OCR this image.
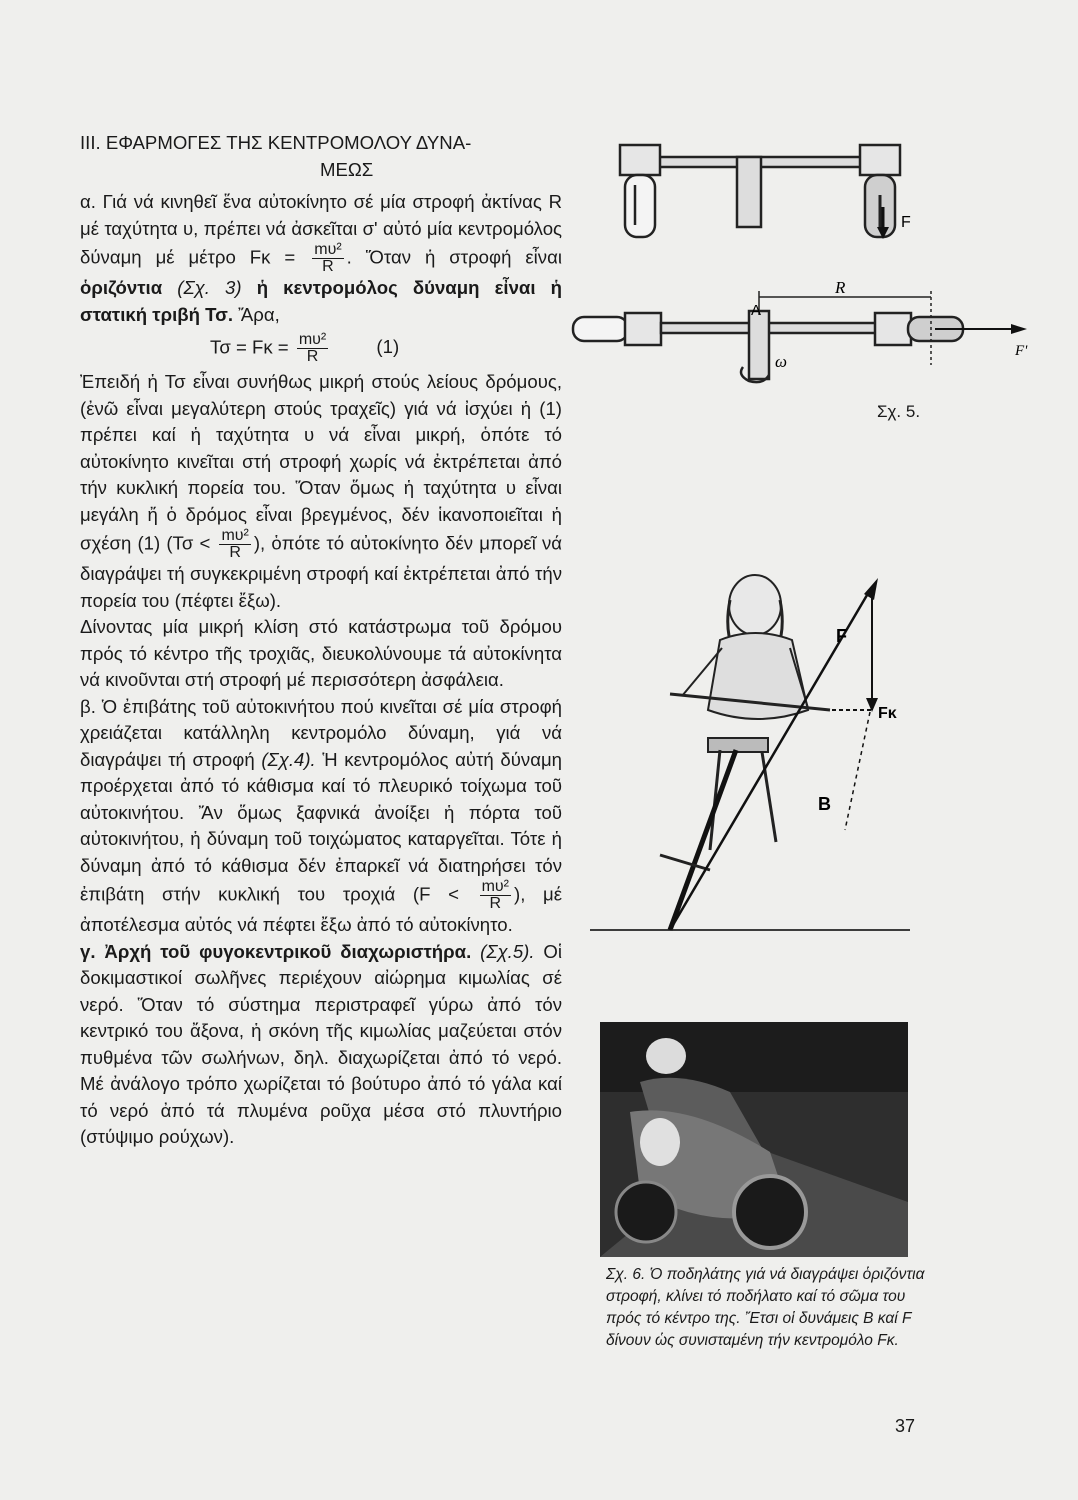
ΙΙΙ. ΕΦΑΡΜΟΓΕΣ ΤΗΣ ΚΕΝΤΡΟΜΟΛΟΥ ΔΥΝΑ-
ΜΕΩΣ

α. Γιά νά κινηθεῖ ἕνα αὐτοκίνητο σέ μία στροφή ἀκτίνας R μέ ταχύτητα υ, πρέπει νά ἀσκεῖται σ' αὐτό μία κεντρομόλος δύναμη μέ μέτρο $F\kappa = \frac{\text{mυ²}}{R}$ . Ὅταν ἡ στροφή εἶναι ὁριζόντια (Σχ. 3) ἡ κεντρομόλος δύναμη εἶναι ἡ στατική τριβή Τσ. Ἄρα,

$T\sigma = F\kappa = \frac{\text{mυ²}}{R}$	(1)

Ἐπειδή ἡ Τσ εἶναι συνήθως μικρή στούς λείους δρόμους, (ἐνῶ εἶναι μεγαλύτερη στούς τραχεῖς) γιά νά ἰσχύει ἡ (1) πρέπει καί ἡ ταχύτητα υ νά εἶναι μικρή, ὁπότε τό αὐτοκίνητο κινεῖται στή στροφή χωρίς νά ἐκτρέπεται ἀπό τήν κυκλική πορεία του. Ὅταν ὅμως ἡ ταχύτητα υ εἶναι μεγάλη ἤ ὁ δρόμος εἶναι βρεγμένος, δέν ἱκανοποιεῖται ἡ σχέση (1) ($T\sigma < \frac{\text{mυ²}}{R}$ ), ὁπότε τό αὐτοκίνητο δέν μπορεῖ νά διαγράψει τή συγκεκριμένη στροφή καί ἐκτρέπεται ἀπό τήν πορεία του (πέφτει ἔξω).

Δίνοντας μία μικρή κλίση στό κατάστρωμα τοῦ δρόμου πρός τό κέντρο τῆς τροχιᾶς, διευκολύνουμε τά αὐτοκίνητα νά κινοῦνται στή στροφή μέ περισσότερη ἀσφάλεια.

β. Ὁ ἐπιβάτης τοῦ αὐτοκινήτου πού κινεῖται σέ μία στροφή χρειάζεται κατάλληλη κεντρομόλο δύναμη, γιά νά διαγράψει τή στροφή (Σχ.4). Ἡ κεντρομόλος αὐτή δύναμη προέρχεται ἀπό τό κάθισμα καί τό πλευρικό τοίχωμα τοῦ αὐτοκινήτου. Ἄν ὅμως ξαφνικά ἀνοίξει ἡ πόρτα τοῦ αὐτοκινήτου, ἡ δύναμη τοῦ τοιχώματος καταργεῖται. Τότε ἡ δύναμη ἀπό τό κάθισμα δέν ἐπαρκεῖ νά διατηρήσει τόν ἐπιβάτη στήν κυκλική του τροχιά ($F < \frac{\text{mυ²}}{R}$ ), μέ ἀποτέλεσμα αὐτός νά πέφτει ἔξω ἀπό τό αὐτοκίνητο.

γ. Ἀρχή τοῦ φυγοκεντρικοῦ διαχωριστήρα. (Σχ.5). Οἱ δοκιμαστικοί σωλῆνες περιέχουν αἰώρημα κιμωλίας σέ νερό. Ὅταν τό σύστημα περιστραφεῖ γύρω ἀπό τόν κεντρικό του ἄξονα, ἡ σκόνη τῆς κιμωλίας μαζεύεται στόν πυθμένα τῶν σωλήνων, δηλ. διαχωρίζεται ἀπό τό νερό. Μέ ἀνάλογο τρόπο χωρίζεται τό βούτυρο ἀπό τό γάλα καί τό νερό ἀπό τά πλυμένα ροῦχα μέσα στό πλυντήριο (στύψιμο ρούχων).

F
R
A
ω
F'
Σχ. 5.
F
Fκ
B
Σχ. 6. Ὁ ποδηλάτης γιά νά διαγράψει ὁριζόντια στροφή, κλίνει τό ποδήλατο καί τό σῶμα του πρός τό κέντρο της. Ἔτσι οἱ δυνάμεις B καί F δίνουν ὡς συνισταμένη τήν κεντρομόλο Fκ.
37
